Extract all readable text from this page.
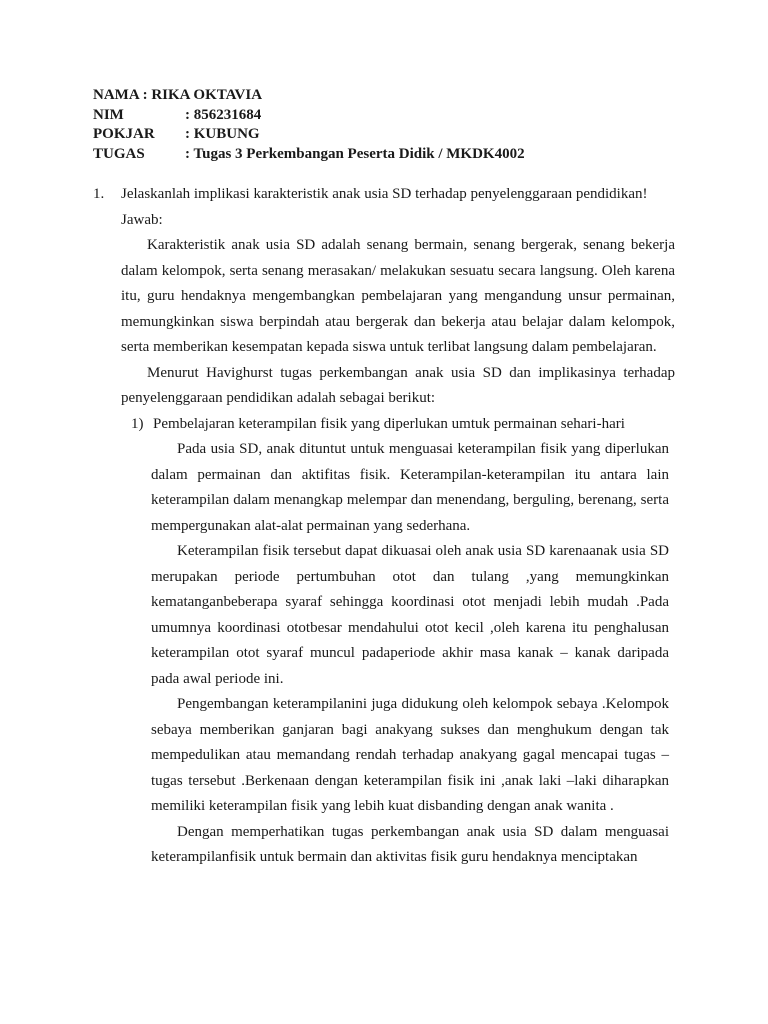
NAMA : RIKA OKTAVIA
NIM	: 856231684
POKJAR	: KUBUNG
TUGAS	: Tugas 3 Perkembangan Peserta Didik / MKDK4002
1. Jelaskanlah implikasi karakteristik anak usia SD terhadap penyelenggaraan pendidikan!

Jawab:

Karakteristik anak usia SD adalah senang bermain, senang bergerak, senang bekerja dalam kelompok, serta senang merasakan/ melakukan sesuatu secara langsung. Oleh karena itu, guru hendaknya mengembangkan pembelajaran yang mengandung unsur permainan, memungkinkan siswa berpindah atau bergerak dan bekerja atau belajar dalam kelompok, serta memberikan kesempatan kepada siswa untuk terlibat langsung dalam pembelajaran.

Menurut Havighurst tugas perkembangan anak usia SD dan implikasinya terhadap penyelenggaraan pendidikan adalah sebagai berikut:

1) Pembelajaran keterampilan fisik yang diperlukan umtuk permainan sehari-hari

Pada usia SD, anak dituntut untuk menguasai keterampilan fisik yang diperlukan dalam permainan dan aktifitas fisik. Keterampilan-keterampilan itu antara lain keterampilan dalam menangkap melempar dan menendang, berguling, berenang, serta mempergunakan alat-alat permainan yang sederhana.

Keterampilan fisik tersebut dapat dikuasai oleh anak usia SD karenaanak usia SD merupakan periode pertumbuhan otot dan tulang ,yang memungkinkan kematanganbeberapa syaraf sehingga koordinasi otot menjadi lebih mudah .Pada umumnya koordinasi ototbesar mendahului otot kecil ,oleh karena itu penghalusan keterampilan otot syaraf muncul padaperiode akhir masa kanak – kanak daripada pada awal periode ini.

Pengembangan keterampilanini juga didukung oleh kelompok sebaya .Kelompok sebaya memberikan ganjaran bagi anakyang sukses dan menghukum dengan tak mempedulikan atau memandang rendah terhadap anakyang gagal mencapai tugas – tugas tersebut .Berkenaan dengan keterampilan fisik ini ,anak laki –laki diharapkan memiliki keterampilan fisik yang lebih kuat disbanding dengan anak wanita .

Dengan memperhatikan tugas perkembangan anak usia SD dalam menguasai keterampilanfisik untuk bermain dan aktivitas fisik guru hendaknya menciptakan
